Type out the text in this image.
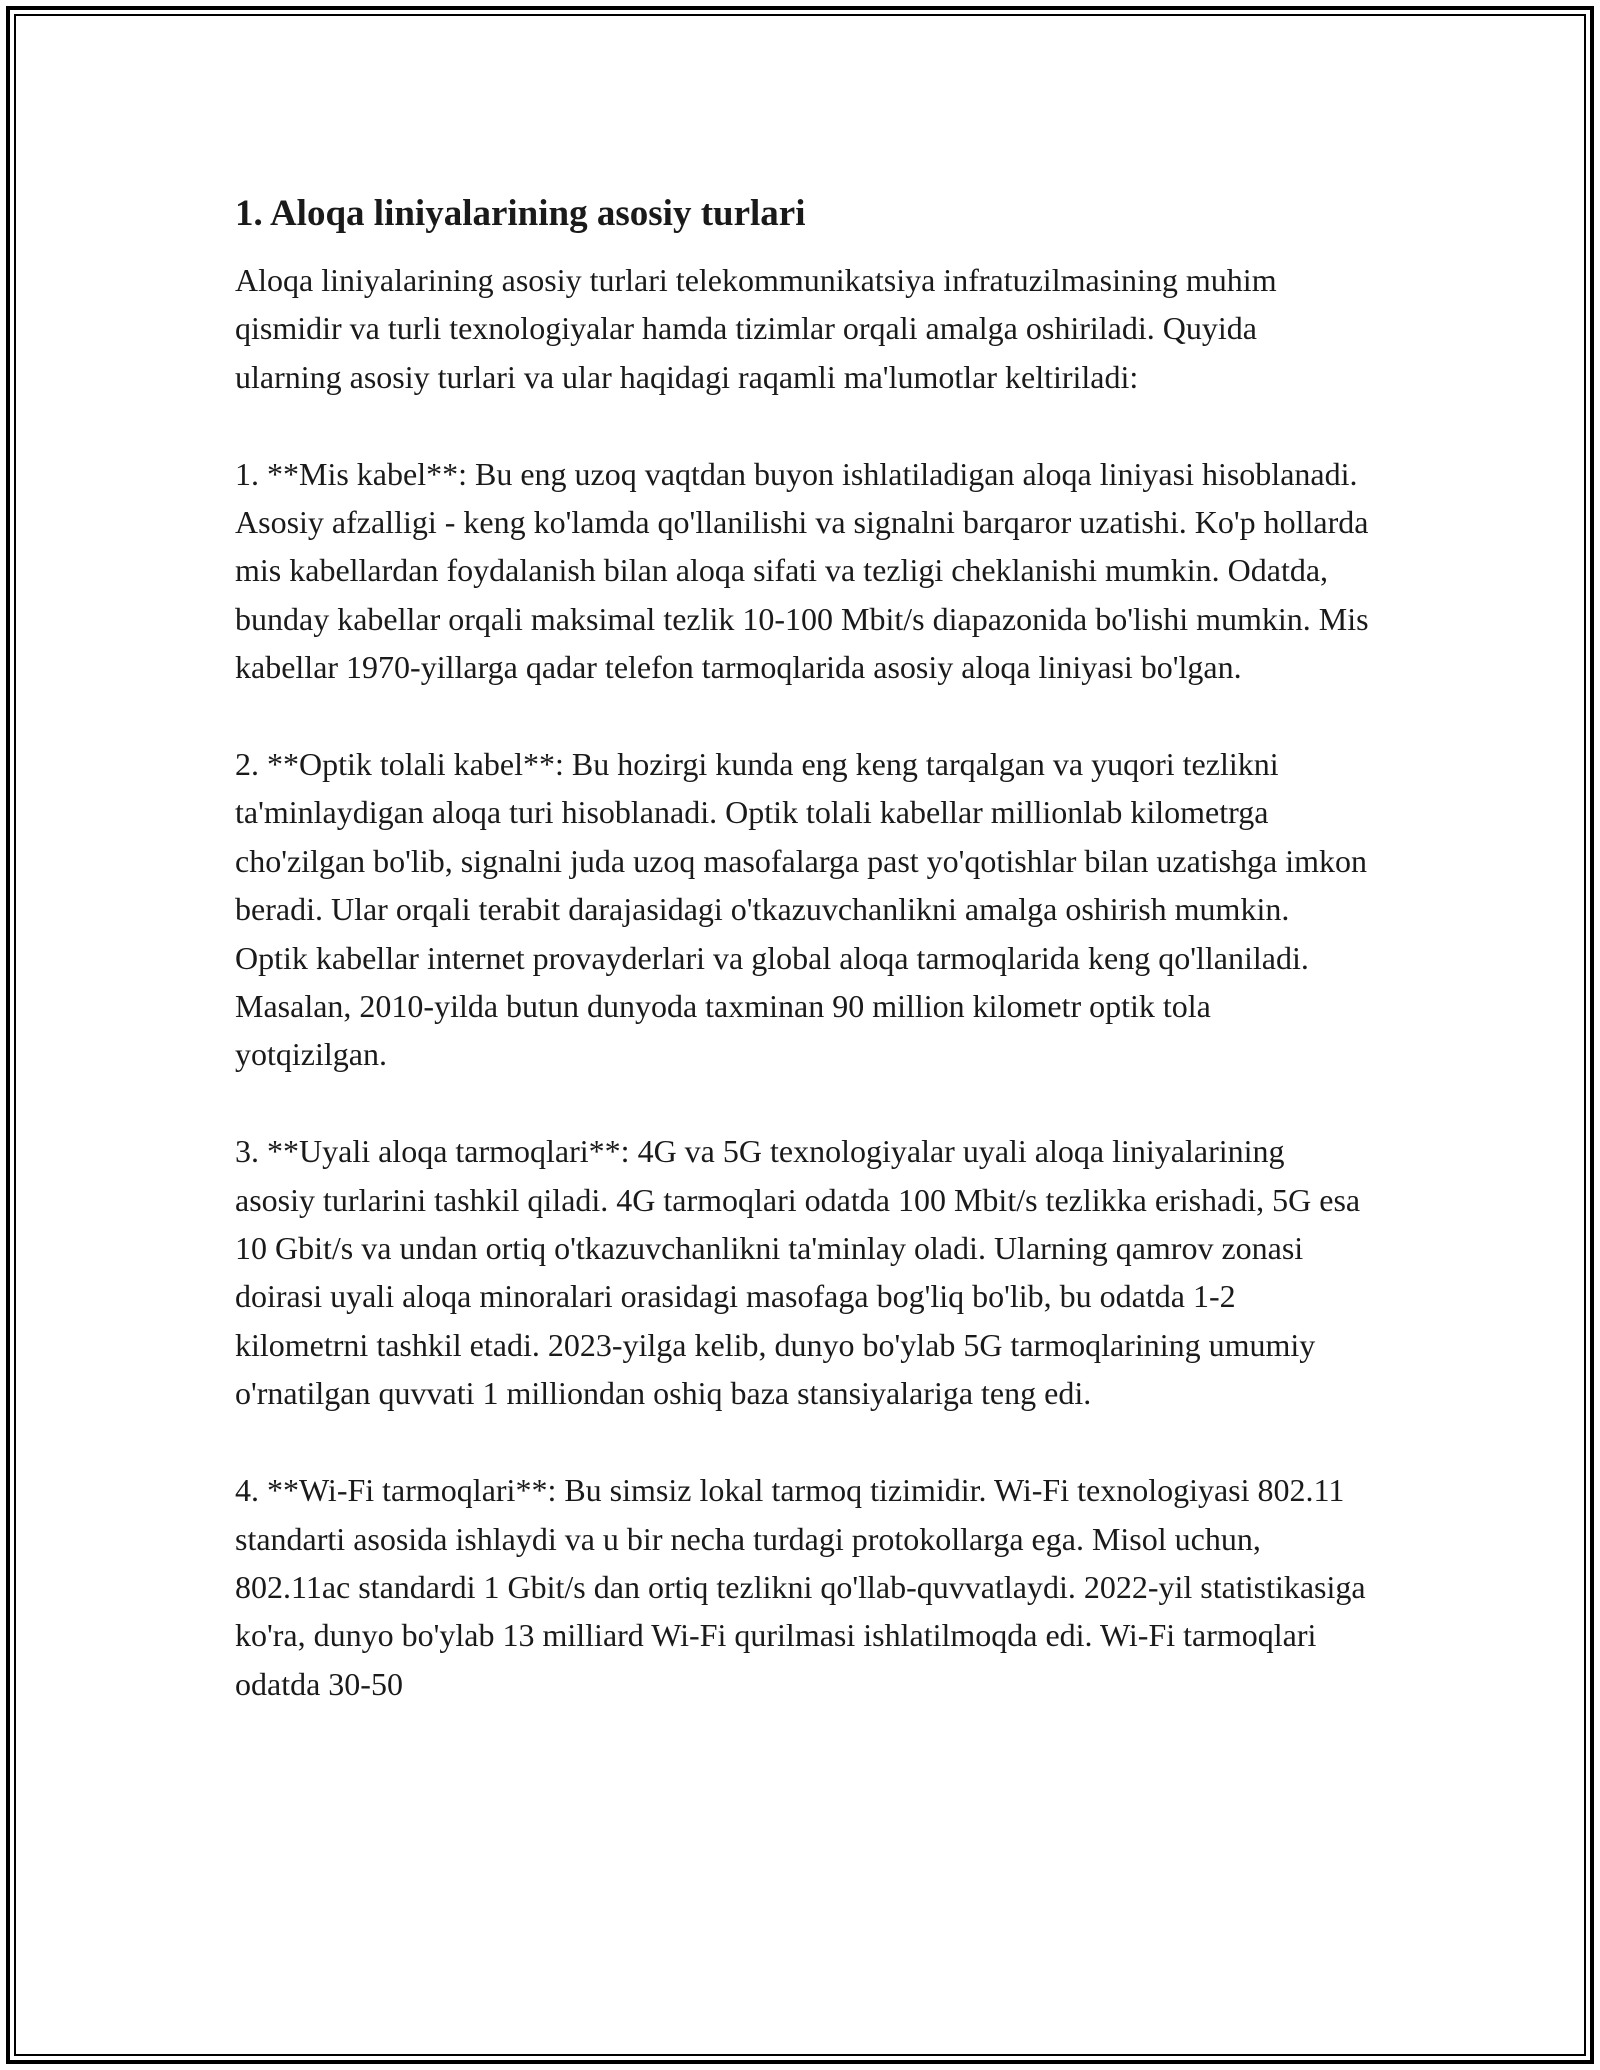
1. Aloqa liniyalarining asosiy turlari

Aloqa liniyalarining asosiy turlari telekommunikatsiya infratuzilmasining muhim qismidir va turli texnologiyalar hamda tizimlar orqali amalga oshiriladi. Quyida ularning asosiy turlari va ular haqidagi raqamli ma'lumotlar keltiriladi:

1. **Mis kabel**: Bu eng uzoq vaqtdan buyon ishlatiladigan aloqa liniyasi hisoblanadi. Asosiy afzalligi - keng ko'lamda qo'llanilishi va signalni barqaror uzatishi. Ko'p hollarda mis kabellardan foydalanish bilan aloqa sifati va tezligi cheklanishi mumkin. Odatda, bunday kabellar orqali maksimal tezlik 10-100 Mbit/s diapazonida bo'lishi mumkin. Mis kabellar 1970-yillarga qadar telefon tarmoqlarida asosiy aloqa liniyasi bo'lgan.

2. **Optik tolali kabel**: Bu hozirgi kunda eng keng tarqalgan va yuqori tezlikni ta'minlaydigan aloqa turi hisoblanadi. Optik tolali kabellar millionlab kilometrga cho'zilgan bo'lib, signalni juda uzoq masofalarga past yo'qotishlar bilan uzatishga imkon beradi. Ular orqali terabit darajasidagi o'tkazuvchanlikni amalga oshirish mumkin. Optik kabellar internet provayderlari va global aloqa tarmoqlarida keng qo'llaniladi. Masalan, 2010-yilda butun dunyoda taxminan 90 million kilometr optik tola yotqizilgan.

3. **Uyali aloqa tarmoqlari**: 4G va 5G texnologiyalar uyali aloqa liniyalarining asosiy turlarini tashkil qiladi. 4G tarmoqlari odatda 100 Mbit/s tezlikka erishadi, 5G esa 10 Gbit/s va undan ortiq o'tkazuvchanlikni ta'minlay oladi. Ularning qamrov zonasi doirasi uyali aloqa minoralari orasidagi masofaga bog'liq bo'lib, bu odatda 1-2 kilometrni tashkil etadi. 2023-yilga kelib, dunyo bo'ylab 5G tarmoqlarining umumiy o'rnatilgan quvvati 1 milliondan oshiq baza stansiyalariga teng edi.

4. **Wi-Fi tarmoqlari**: Bu simsiz lokal tarmoq tizimidir. Wi-Fi texnologiyasi 802.11 standarti asosida ishlaydi va u bir necha turdagi protokollarga ega. Misol uchun, 802.11ac standardi 1 Gbit/s dan ortiq tezlikni qo'llab-quvvatlaydi. 2022-yil statistikasiga ko'ra, dunyo bo'ylab 13 milliard Wi-Fi qurilmasi ishlatilmoqda edi. Wi-Fi tarmoqlari odatda 30-50
